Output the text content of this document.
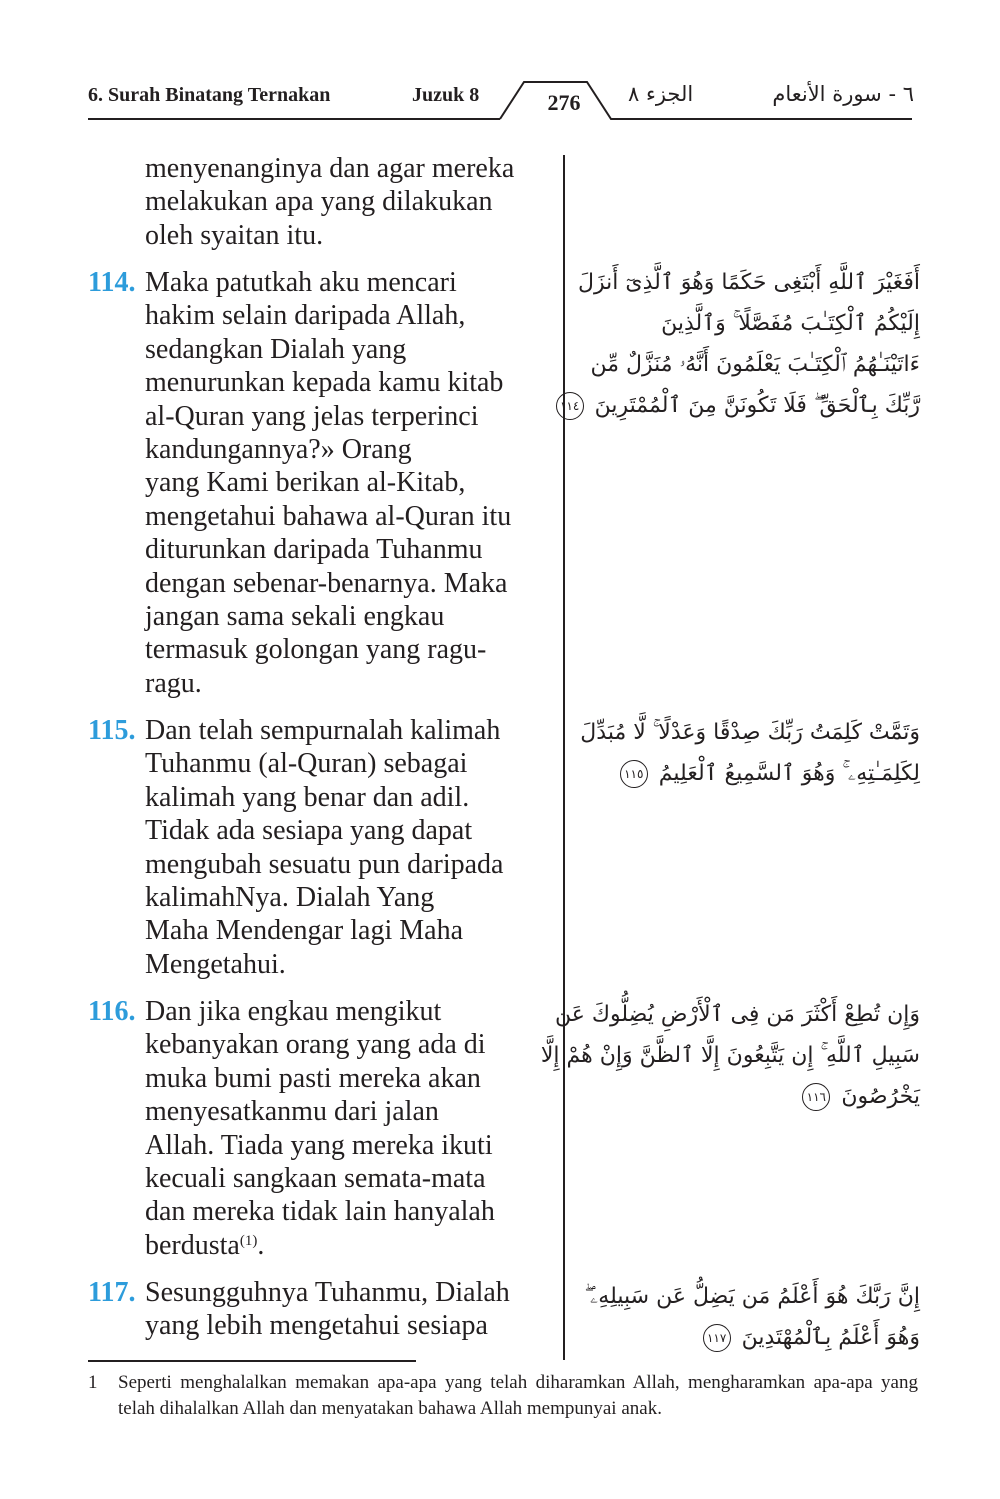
6. Surah Binatang Ternakan	Juzuk 8	276	الجزء ٨	٦ - سورة الأنعام
menyenanginya dan agar mereka
melakukan apa yang dilakukan
oleh syaitan itu.
114. Maka patutkah aku mencari
hakim selain daripada Allah,
sedangkan Dialah yang
menurunkan kepada kamu kitab
al-Quran yang jelas terperinci
kandungannya?» Orang
yang Kami berikan al-Kitab,
mengetahui bahawa al-Quran itu
diturunkan daripada Tuhanmu
dengan sebenar-benarnya. Maka
jangan sama sekali engkau
termasuk golongan yang ragu-
ragu.
أَفَغَيْرَ ٱللَّهِ أَبْتَغِى حَكَمًا وَهُوَ ٱلَّذِىٓ أَنزَلَ
إِلَيْكُمُ ٱلْكِتَـٰبَ مُفَصَّلًا ۚ وَٱلَّذِينَ
ءَاتَيْنَـٰهُمُ ٱلْكِتَـٰبَ يَعْلَمُونَ أَنَّهُۥ مُنَزَّلٌ مِّن
رَّبِّكَ بِٱلْحَقِّ ۖ فَلَا تَكُونَنَّ مِنَ ٱلْمُمْتَرِينَ ١١٤
115. Dan telah sempurnalah kalimah
Tuhanmu (al-Quran) sebagai
kalimah yang benar dan adil.
Tidak ada sesiapa yang dapat
mengubah sesuatu pun daripada
kalimahNya. Dialah Yang
Maha Mendengar lagi Maha
Mengetahui.
وَتَمَّتْ كَلِمَتُ رَبِّكَ صِدْقًا وَعَدْلًا ۚ لَّا مُبَدِّلَ
لِكَلِمَـٰتِهِۦ ۚ وَهُوَ ٱلسَّمِيعُ ٱلْعَلِيمُ ١١٥
116. Dan jika engkau mengikut
kebanyakan orang yang ada di
muka bumi pasti mereka akan
menyesatkanmu dari jalan
Allah. Tiada yang mereka ikuti
kecuali sangkaan semata-mata
dan mereka tidak lain hanyalah
berdusta$^{(1)}$.
وَإِن تُطِعْ أَكْثَرَ مَن فِى ٱلْأَرْضِ يُضِلُّوكَ عَن
سَبِيلِ ٱللَّهِ ۚ إِن يَتَّبِعُونَ إِلَّا ٱلظَّنَّ وَإِنْ هُمْ إِلَّا
يَخْرُصُونَ ١١٦
117. Sesungguhnya Tuhanmu, Dialah
yang lebih mengetahui sesiapa
إِنَّ رَبَّكَ هُوَ أَعْلَمُ مَن يَضِلُّ عَن سَبِيلِهِۦ ۖ
وَهُوَ أَعْلَمُ بِٱلْمُهْتَدِينَ ١١٧
1 Seperti menghalalkan memakan apa-apa yang telah diharamkan Allah, mengharamkan apa-apa yang telah dihalalkan Allah dan menyatakan bahawa Allah mempunyai anak.
